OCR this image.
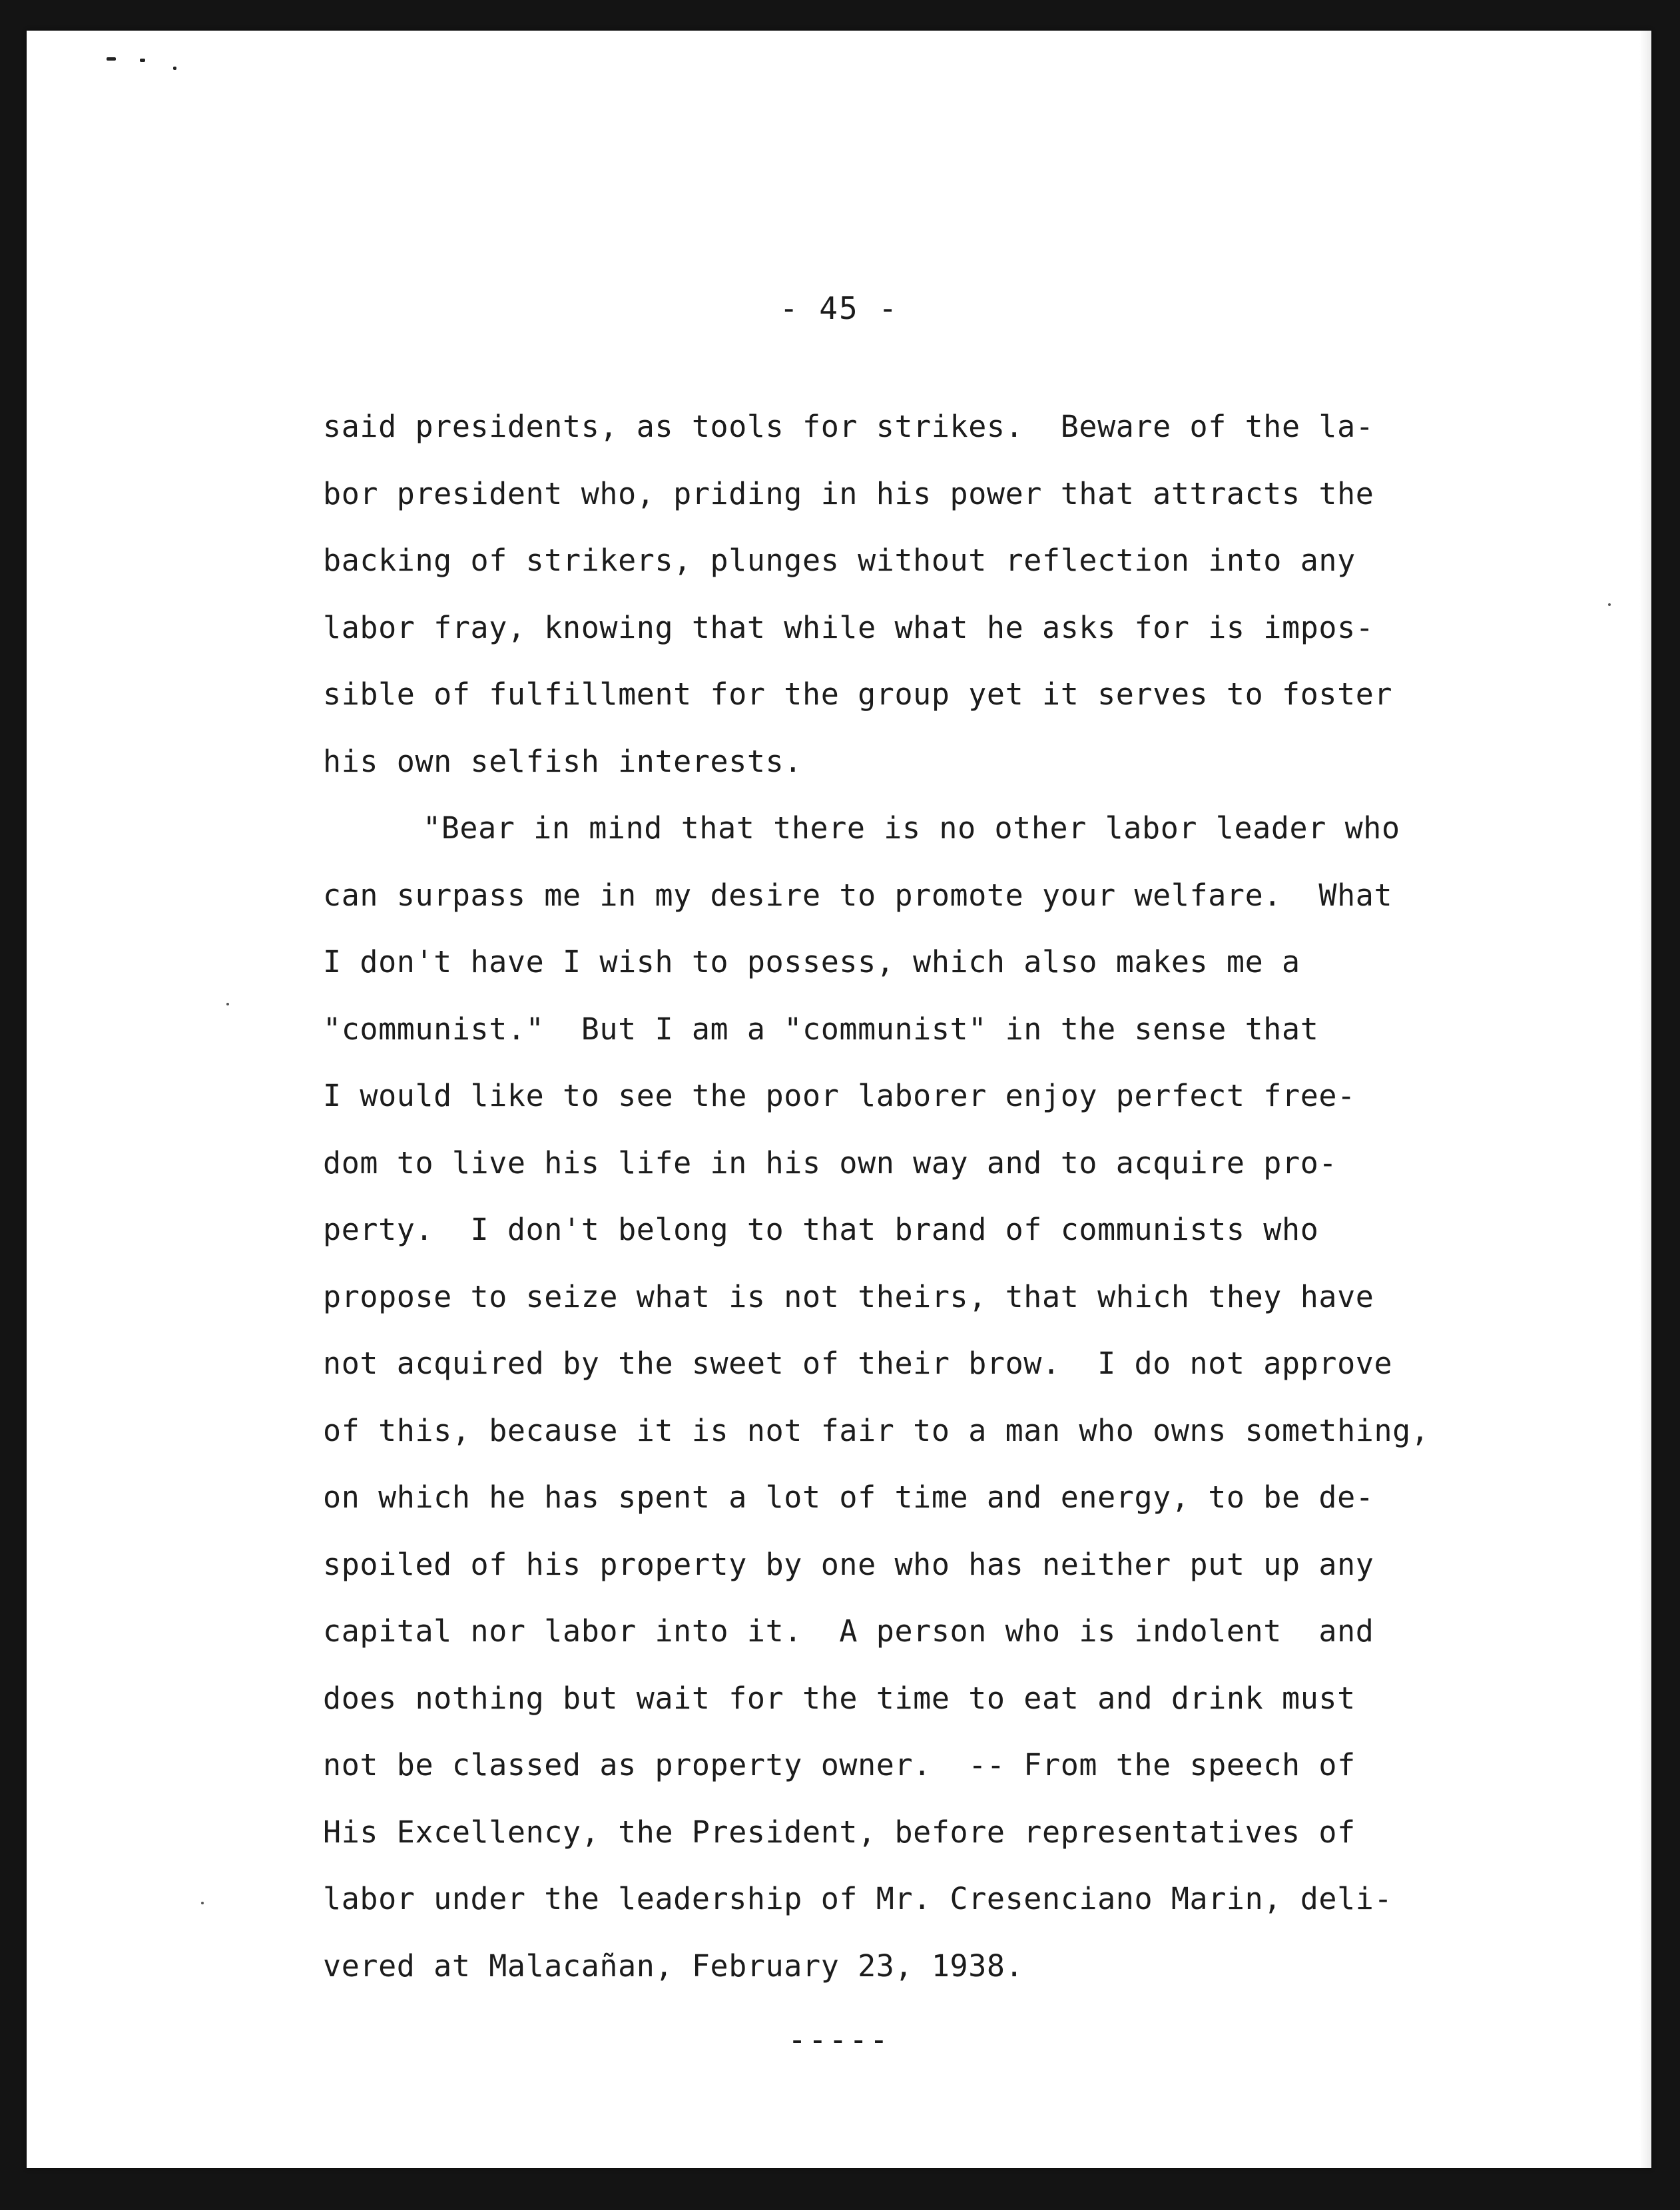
- 45 -
said presidents, as tools for strikes.  Beware of the la-
bor president who, priding in his power that attracts the
backing of strikers, plunges without reflection into any
labor fray, knowing that while what he asks for is impos-
sible of fulfillment for the group yet it serves to foster
his own selfish interests.
"Bear in mind that there is no other labor leader who
can surpass me in my desire to promote your welfare.  What
I don't have I wish to possess, which also makes me a
"communist."  But I am a "communist" in the sense that
I would like to see the poor laborer enjoy perfect free-
dom to live his life in his own way and to acquire pro-
perty.  I don't belong to that brand of communists who
propose to seize what is not theirs, that which they have
not acquired by the sweet of their brow.  I do not approve
of this, because it is not fair to a man who owns something,
on which he has spent a lot of time and energy, to be de-
spoiled of his property by one who has neither put up any
capital nor labor into it.  A person who is indolent  and
does nothing but wait for the time to eat and drink must
not be classed as property owner.  -- From the speech of
His Excellency, the President, before representatives of
labor under the leadership of Mr. Cresenciano Marin, deli-
vered at Malacañan, February 23, 1938.
-----
